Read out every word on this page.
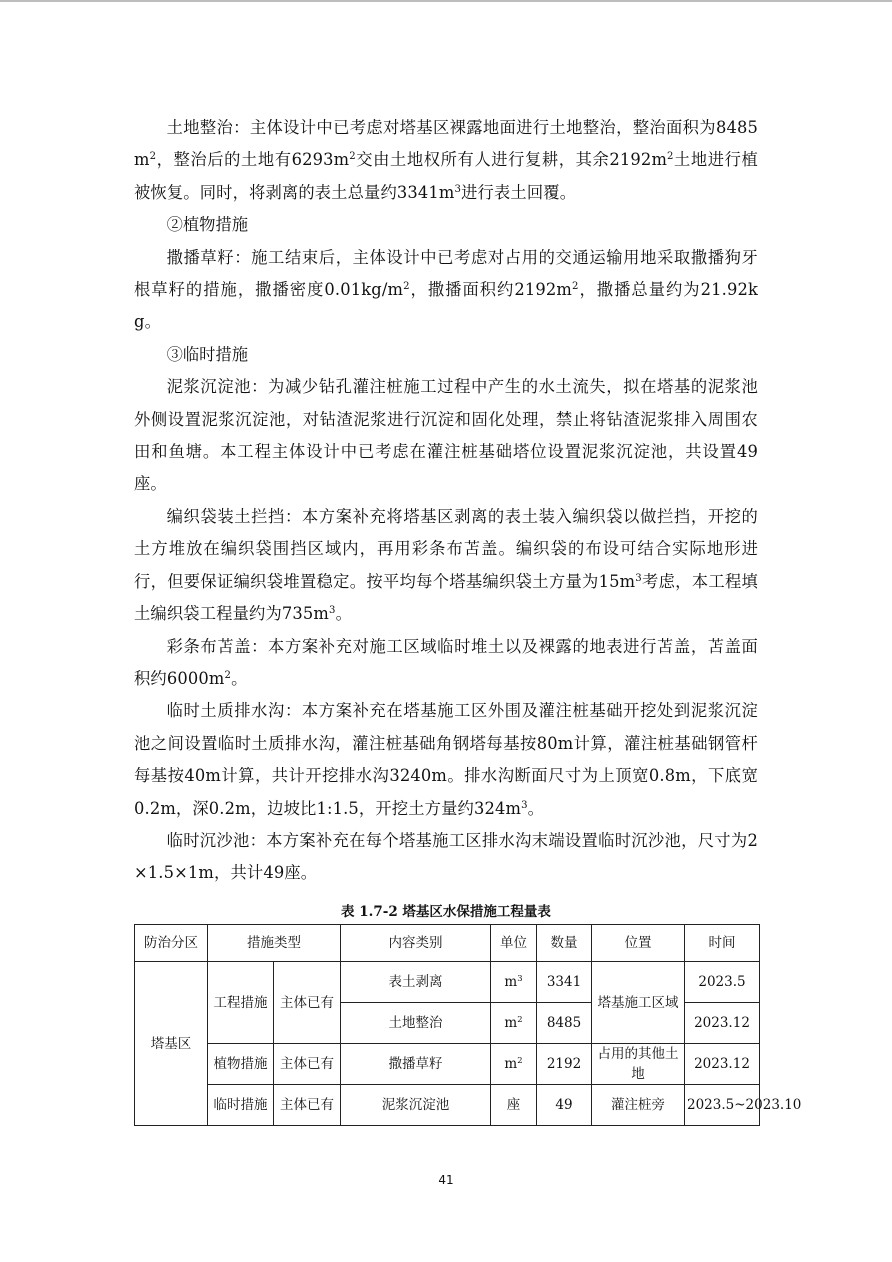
土地整治：主体设计中已考虑对塔基区裸露地面进行土地整治，整治面积为$8485m^2$，整治后的土地有$6293m^2$交由土地权所有人进行复耕，其余$2192m^2$土地进行植被恢复。同时，将剥离的表土总量约$3341m^3$进行表土回覆。

②植物措施

撒播草籽：施工结束后，主体设计中已考虑对占用的交通运输用地采取撒播狗牙根草籽的措施，撒播密度$0.01kg/m^2$，撒播面积约$2192m^2$，撒播总量约为21.92kg。

③临时措施

泥浆沉淀池：为减少钻孔灌注桩施工过程中产生的水土流失，拟在塔基的泥浆池外侧设置泥浆沉淀池，对钻渣泥浆进行沉淀和固化处理，禁止将钻渣泥浆排入周围农田和鱼塘。本工程主体设计中已考虑在灌注桩基础塔位设置泥浆沉淀池，共设置49座。

编织袋装土拦挡：本方案补充将塔基区剥离的表土装入编织袋以做拦挡，开挖的土方堆放在编织袋围挡区域内，再用彩条布苫盖。编织袋的布设可结合实际地形进行，但要保证编织袋堆置稳定。按平均每个塔基编织袋土方量为$15m^3$考虑，本工程填土编织袋工程量约为$735m^3$。

彩条布苫盖：本方案补充对施工区域临时堆土以及裸露的地表进行苫盖，苫盖面积约$6000m^2$。

临时土质排水沟：本方案补充在塔基施工区外围及灌注桩基础开挖处到泥浆沉淀池之间设置临时土质排水沟，灌注桩基础角钢塔每基按80m计算，灌注桩基础钢管杆每基按40m计算，共计开挖排水沟3240m。排水沟断面尺寸为上顶宽0.8m，下底宽0.2m，深0.2m，边坡比1:1.5，开挖土方量约$324m^3$。

临时沉沙池：本方案补充在每个塔基施工区排水沟末端设置临时沉沙池，尺寸为2×1.5×1m，共计49座。

表 1.7-2 塔基区水保措施工程量表
防治分区	措施类型		内容类别	单位	数量	位置	时间
塔基区	工程措施	主体已有	表土剥离	$m^3$	3341	塔基施工区域	2023.5
			土地整治	$m^2$	8485		2023.12
	植物措施	主体已有	撒播草籽	$m^2$	2192	占用的其他土地	2023.12
	临时措施	主体已有	泥浆沉淀池	座	49	灌注桩旁	2023.5~2023.10
41
